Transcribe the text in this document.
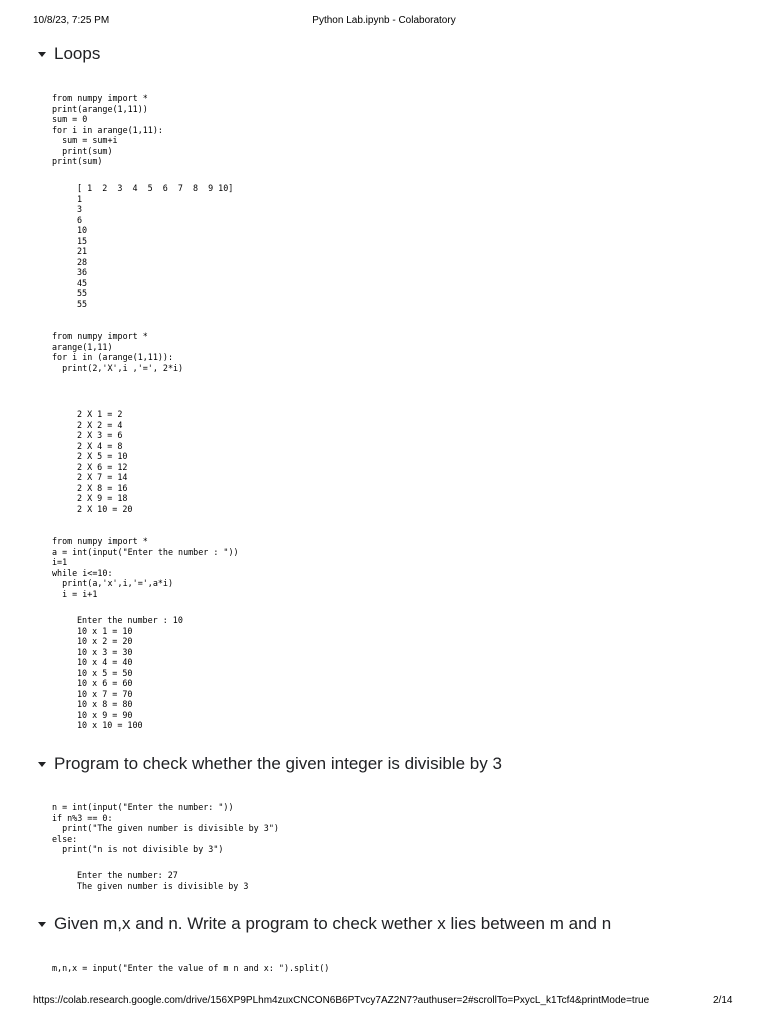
10/8/23, 7:25 PM	Python Lab.ipynb - Colaboratory
Loops
from numpy import *
print(arange(1,11))
sum = 0
for i in arange(1,11):
sum = sum+i
print(sum)
print(sum)
[ 1  2  3  4  5  6  7  8  9 10]
1
3
6
10
15
21
28
36
45
55
55
from numpy import *
arange(1,11)
for i in (arange(1,11)):
print(2,'X',i ,'=', 2*i)
2 X 1 = 2
2 X 2 = 4
2 X 3 = 6
2 X 4 = 8
2 X 5 = 10
2 X 6 = 12
2 X 7 = 14
2 X 8 = 16
2 X 9 = 18
2 X 10 = 20
from numpy import *
a = int(input("Enter the number : "))
i=1
while i<=10:
print(a,'x',i,'=',a*i)
i = i+1
Enter the number : 10
10 x 1 = 10
10 x 2 = 20
10 x 3 = 30
10 x 4 = 40
10 x 5 = 50
10 x 6 = 60
10 x 7 = 70
10 x 8 = 80
10 x 9 = 90
10 x 10 = 100
Program to check whether the given integer is divisible by 3
n = int(input("Enter the number: "))
if n%3 == 0:
print("The given number is divisible by 3")
else:
print("n is not divisible by 3")
Enter the number: 27
The given number is divisible by 3
Given m,x and n. Write a program to check wether x lies between m and n
m,n,x = input("Enter the value of m n and x: ").split()
https://colab.research.google.com/drive/156XP9PLhm4zuxCNCON6B6PTvcy7AZ2N7?authuser=2#scrollTo=PxycL_k1Tcf4&printMode=true	2/14
